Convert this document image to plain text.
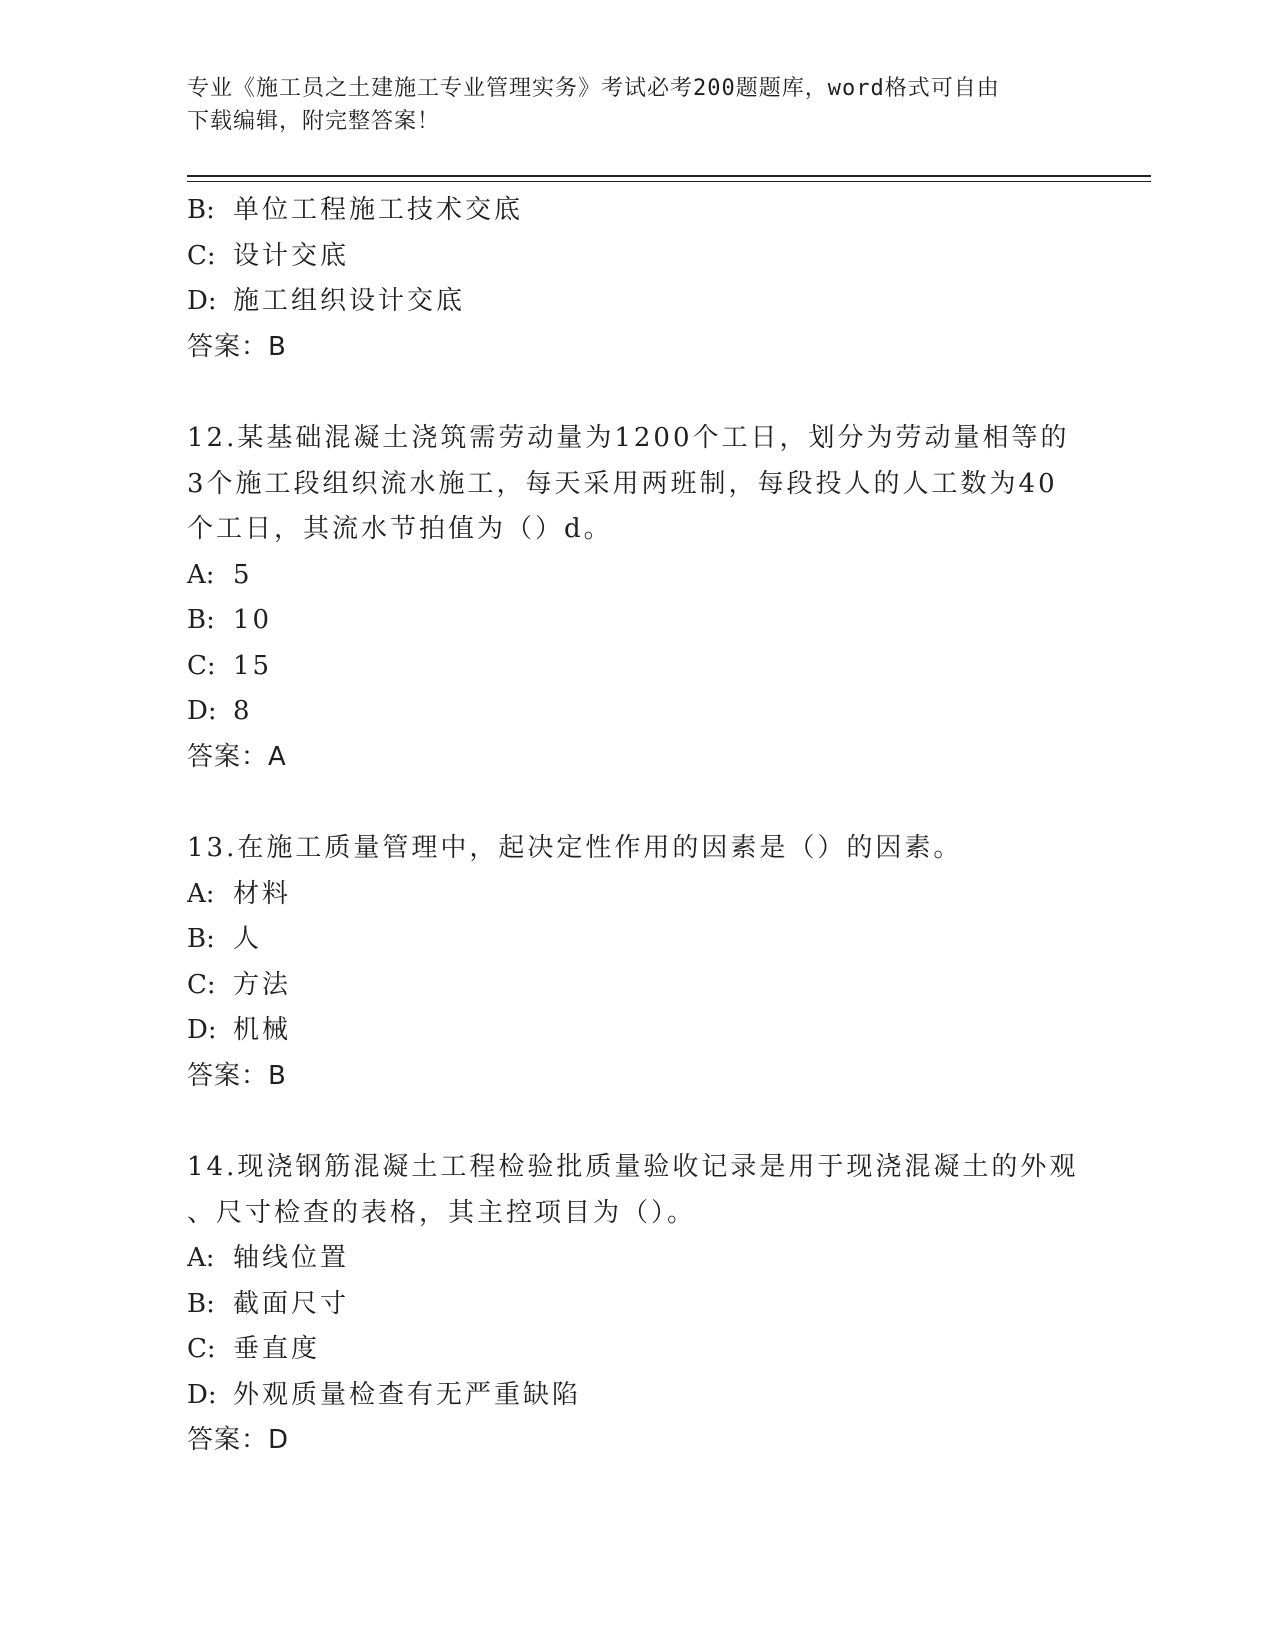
专业《施工员之土建施工专业管理实务》考试必考200题题库，word格式可自由
下载编辑，附完整答案！
B: 单位工程施工技术交底
C: 设计交底
D: 施工组织设计交底
答案：B
12.某基础混凝土浇筑需劳动量为1200个工日，划分为劳动量相等的
3个施工段组织流水施工，每天采用两班制，每段投人的人工数为40
个工日，其流水节拍值为（）d。
A: 5
B: 10
C: 15
D: 8
答案：A
13.在施工质量管理中，起决定性作用的因素是（）的因素。
A: 材料
B: 人
C: 方法
D: 机械
答案：B
14.现浇钢筋混凝土工程检验批质量验收记录是用于现浇混凝土的外观
、尺寸检查的表格，其主控项目为（）。
A: 轴线位置
B: 截面尺寸
C: 垂直度
D: 外观质量检查有无严重缺陷
答案：D
